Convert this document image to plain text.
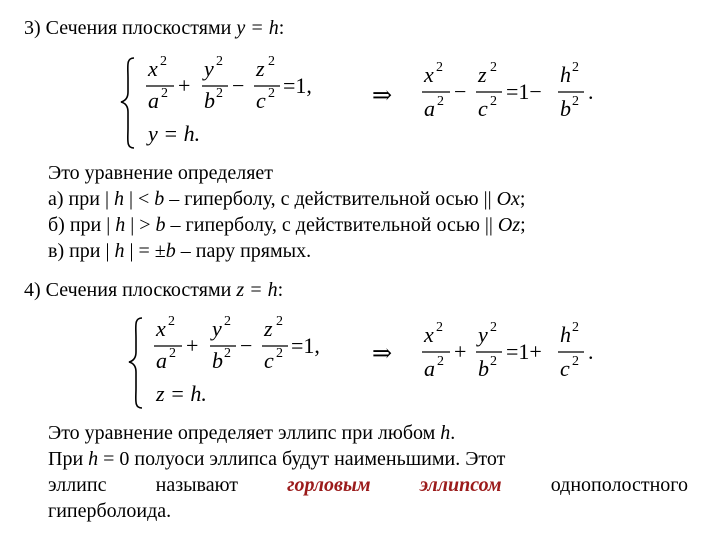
3) Сечения плоскостями y = h:
x 2
a 2 +
y 2
b 2 −
z 2
c 2 =1,
y = h.
⇒
x 2
a 2 −
z 2
c 2 =1−
h 2
b 2 .
Это уравнение определяет
а) при | h | < b – гиперболу, с действительной осью || Ox;
б) при | h | > b – гиперболу, с действительной осью || Oz;
в) при | h | = ±b – пару прямых.
4) Сечения плоскостями z = h:
x 2
a 2 +
y 2
b 2 −
z 2
c 2 =1,
z = h.
⇒
x 2
a 2 +
y 2
b 2 =1+
h 2
c 2 .
Это уравнение определяет эллипс при любом h.
При h = 0 полуоси эллипса будут наименьшими. Этот
эллипс называют горловым эллипсом однополостного
гиперболоида.
